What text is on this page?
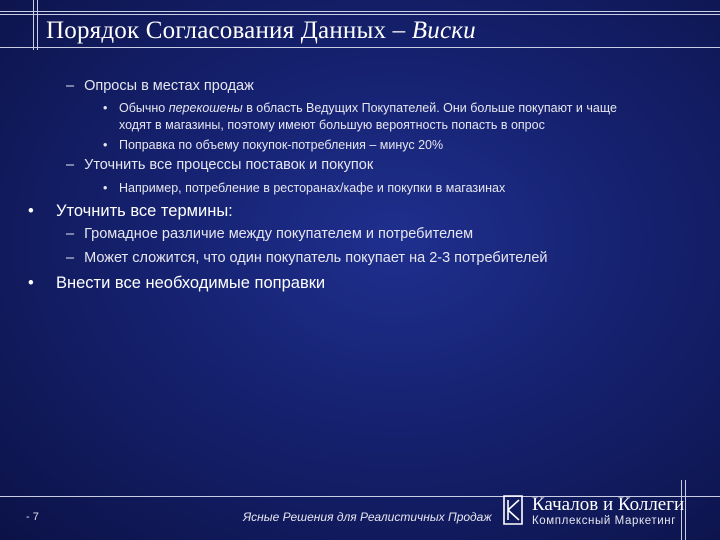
Порядок Согласования Данных – Виски
– Опросы в местах продаж
• Обычно перекошены в область Ведущих Покупателей. Они больше покупают и чаще
ходят в магазины, поэтому имеют большую вероятность попасть в опрос
• Поправка по объему покупок-потребления – минус 20%
– Уточнить все процессы поставок и покупок
• Например, потребление в ресторанах/кафе и покупки в магазинах
• Уточнить все термины:
– Громадное различие между покупателем и потребителем
– Может сложится, что один покупатель покупает на 2-3 потребителей
• Внести все необходимые поправки
- 7	Ясные Решения для Реалистичных Продаж
Качалов и Коллеги
Комплексный Маркетинг
